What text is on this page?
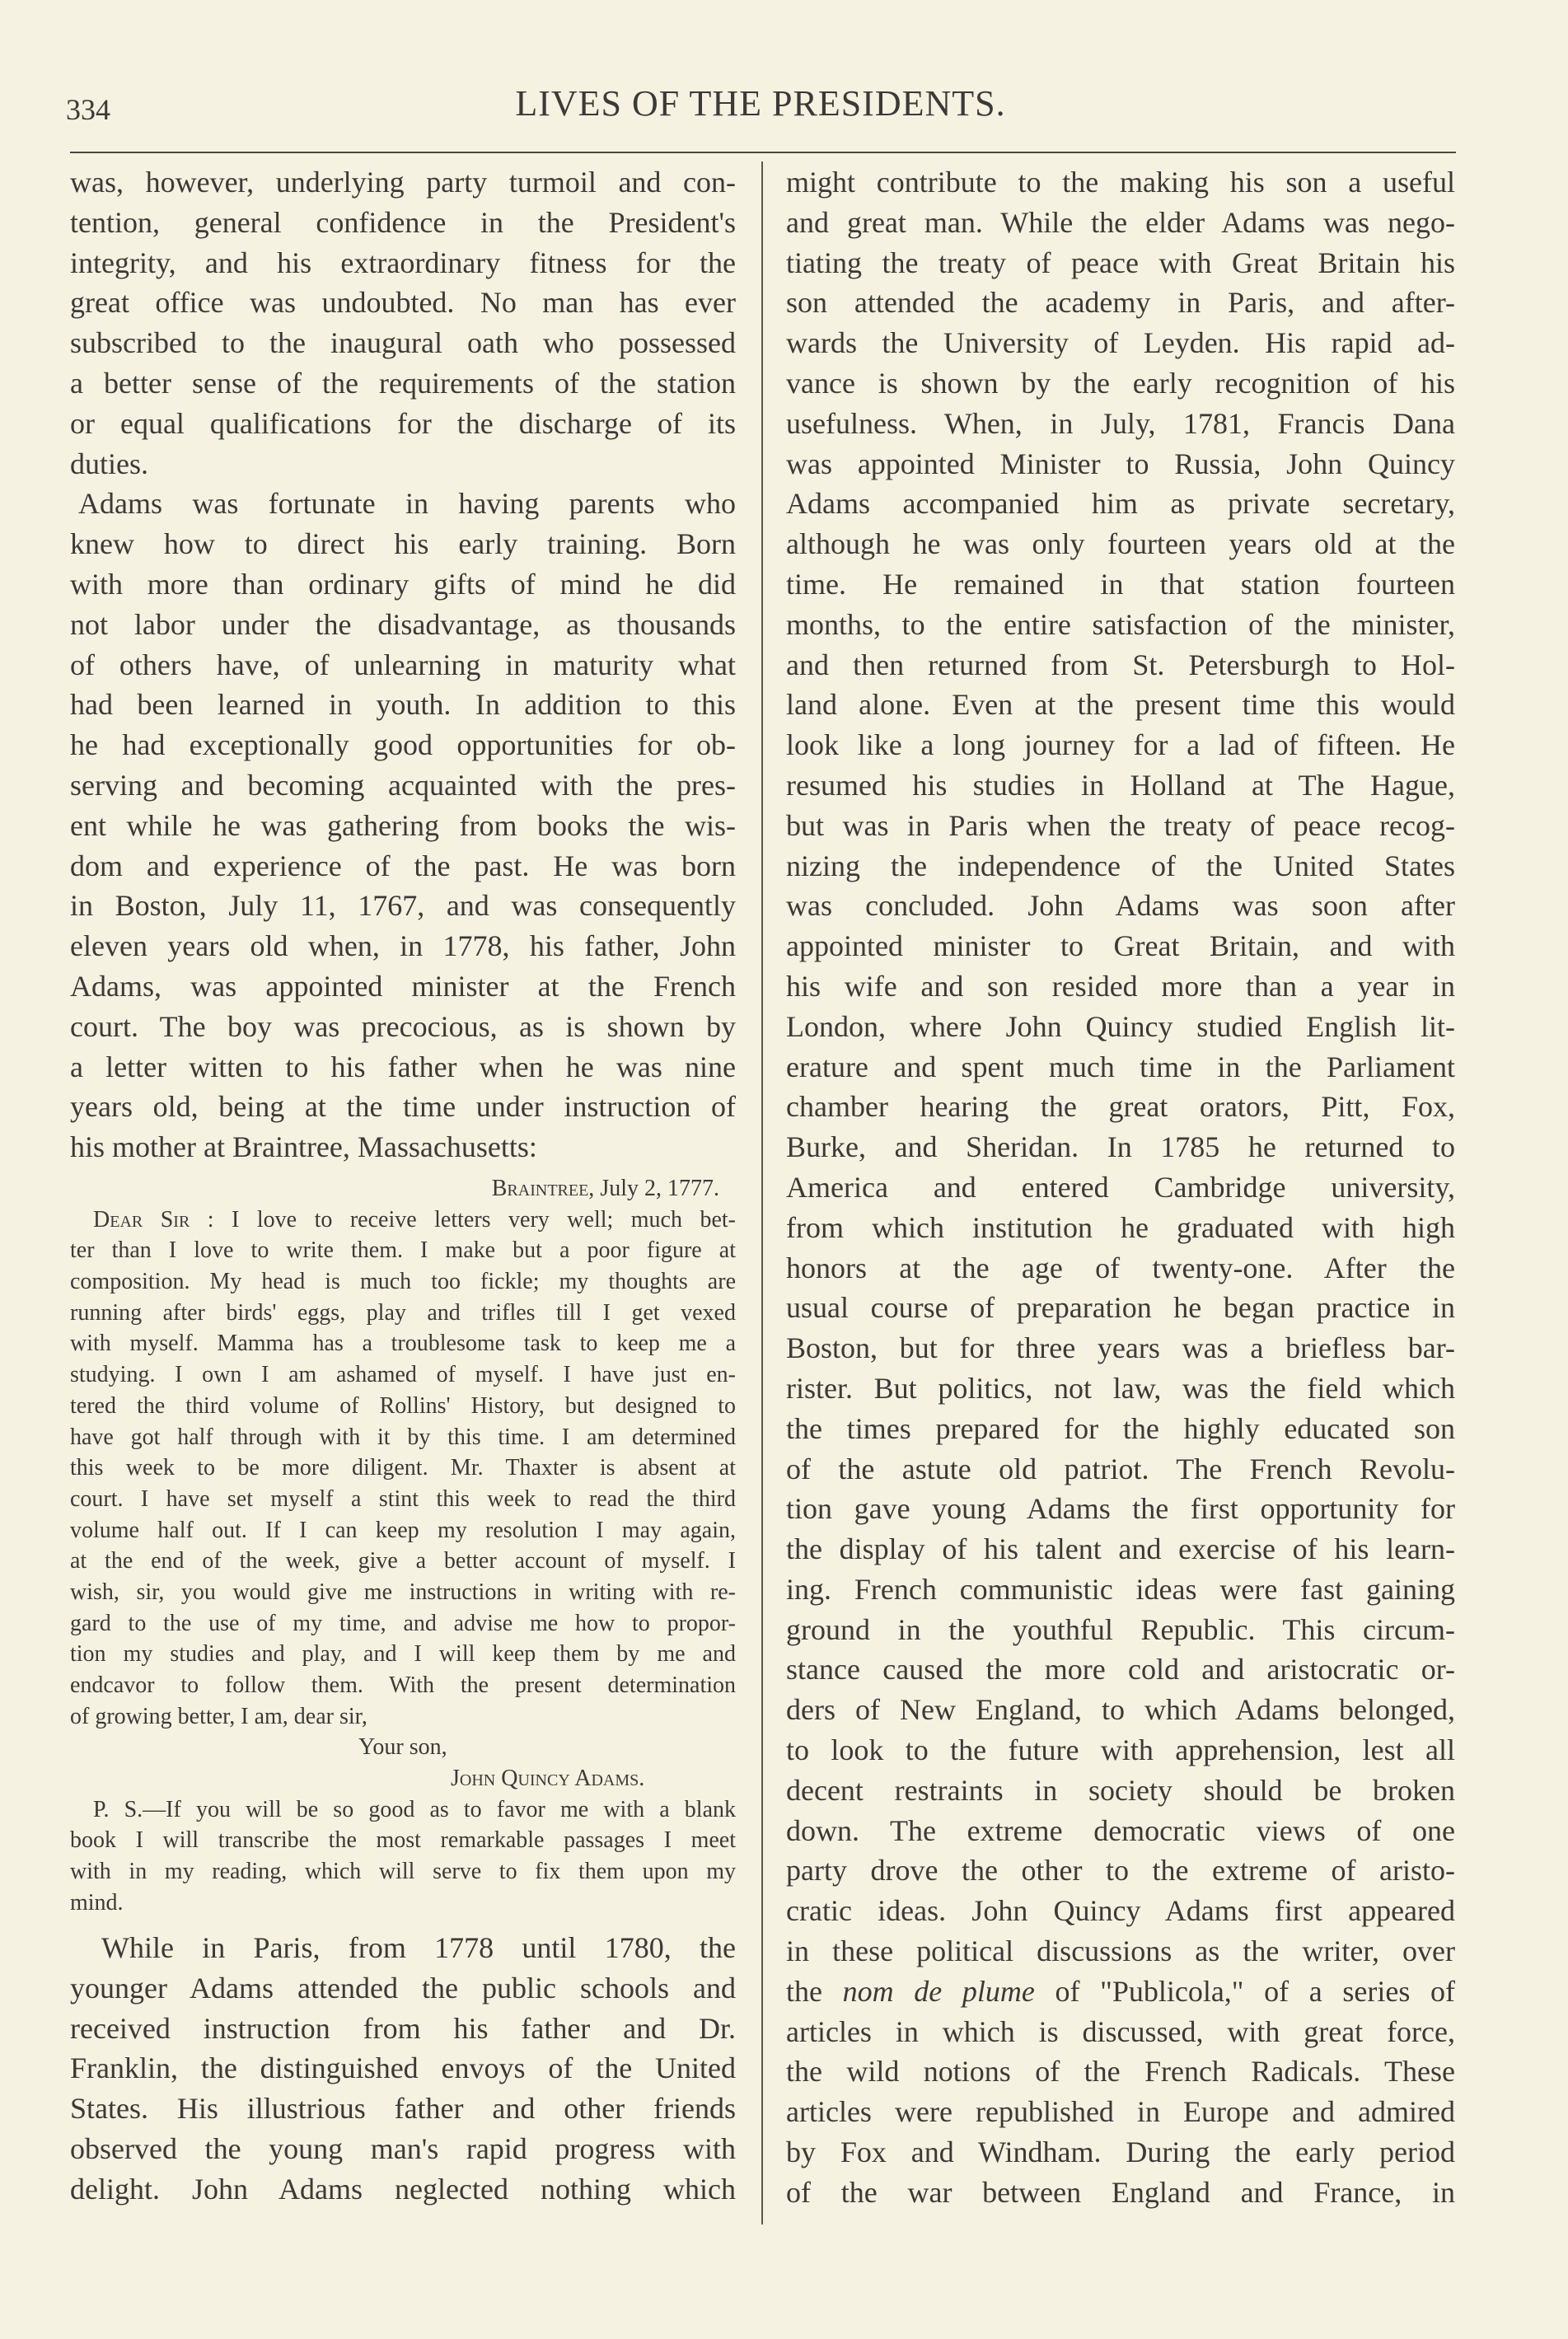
334	LIVES OF THE PRESIDENTS.
was, however, underlying party turmoil and con-
tention, general confidence in the President's
integrity, and his extraordinary fitness for the
great office was undoubted. No man has ever
subscribed to the inaugural oath who possessed
a better sense of the requirements of the station
or equal qualifications for the discharge of its
duties.
Adams was fortunate in having parents who
knew how to direct his early training. Born
with more than ordinary gifts of mind he did
not labor under the disadvantage, as thousands
of others have, of unlearning in maturity what
had been learned in youth. In addition to this
he had exceptionally good opportunities for ob-
serving and becoming acquainted with the pres-
ent while he was gathering from books the wis-
dom and experience of the past. He was born
in Boston, July 11, 1767, and was consequently
eleven years old when, in 1778, his father, John
Adams, was appointed minister at the French
court. The boy was precocious, as is shown by
a letter witten to his father when he was nine
years old, being at the time under instruction of
his mother at Braintree, Massachusetts:
Braintree, July 2, 1777.
Dear Sir : I love to receive letters very well; much bet-
ter than I love to write them. I make but a poor figure at
composition. My head is much too fickle; my thoughts are
running after birds' eggs, play and trifles till I get vexed
with myself. Mamma has a troublesome task to keep me a
studying. I own I am ashamed of myself. I have just en-
tered the third volume of Rollins' History, but designed to
have got half through with it by this time. I am determined
this week to be more diligent. Mr. Thaxter is absent at
court. I have set myself a stint this week to read the third
volume half out. If I can keep my resolution I may again,
at the end of the week, give a better account of myself. I
wish, sir, you would give me instructions in writing with re-
gard to the use of my time, and advise me how to propor-
tion my studies and play, and I will keep them by me and
endcavor to follow them. With the present determination
of growing better, I am, dear sir,
Your son,
John Quincy Adams.
P. S.—If you will be so good as to favor me with a blank
book I will transcribe the most remarkable passages I meet
with in my reading, which will serve to fix them upon my
mind.
While in Paris, from 1778 until 1780, the
younger Adams attended the public schools and
received instruction from his father and Dr.
Franklin, the distinguished envoys of the United
States. His illustrious father and other friends
observed the young man's rapid progress with
delight. John Adams neglected nothing which
might contribute to the making his son a useful
and great man. While the elder Adams was nego-
tiating the treaty of peace with Great Britain his
son attended the academy in Paris, and after-
wards the University of Leyden. His rapid ad-
vance is shown by the early recognition of his
usefulness. When, in July, 1781, Francis Dana
was appointed Minister to Russia, John Quincy
Adams accompanied him as private secretary,
although he was only fourteen years old at the
time. He remained in that station fourteen
months, to the entire satisfaction of the minister,
and then returned from St. Petersburgh to Hol-
land alone. Even at the present time this would
look like a long journey for a lad of fifteen. He
resumed his studies in Holland at The Hague,
but was in Paris when the treaty of peace recog-
nizing the independence of the United States
was concluded. John Adams was soon after
appointed minister to Great Britain, and with
his wife and son resided more than a year in
London, where John Quincy studied English lit-
erature and spent much time in the Parliament
chamber hearing the great orators, Pitt, Fox,
Burke, and Sheridan. In 1785 he returned to
America and entered Cambridge university,
from which institution he graduated with high
honors at the age of twenty-one. After the
usual course of preparation he began practice in
Boston, but for three years was a briefless bar-
rister. But politics, not law, was the field which
the times prepared for the highly educated son
of the astute old patriot. The French Revolu-
tion gave young Adams the first opportunity for
the display of his talent and exercise of his learn-
ing. French communistic ideas were fast gaining
ground in the youthful Republic. This circum-
stance caused the more cold and aristocratic or-
ders of New England, to which Adams belonged,
to look to the future with apprehension, lest all
decent restraints in society should be broken
down. The extreme democratic views of one
party drove the other to the extreme of aristo-
cratic ideas. John Quincy Adams first appeared
in these political discussions as the writer, over
the nom de plume of "Publicola," of a series of
articles in which is discussed, with great force,
the wild notions of the French Radicals. These
articles were republished in Europe and admired
by Fox and Windham. During the early period
of the war between England and France, in
